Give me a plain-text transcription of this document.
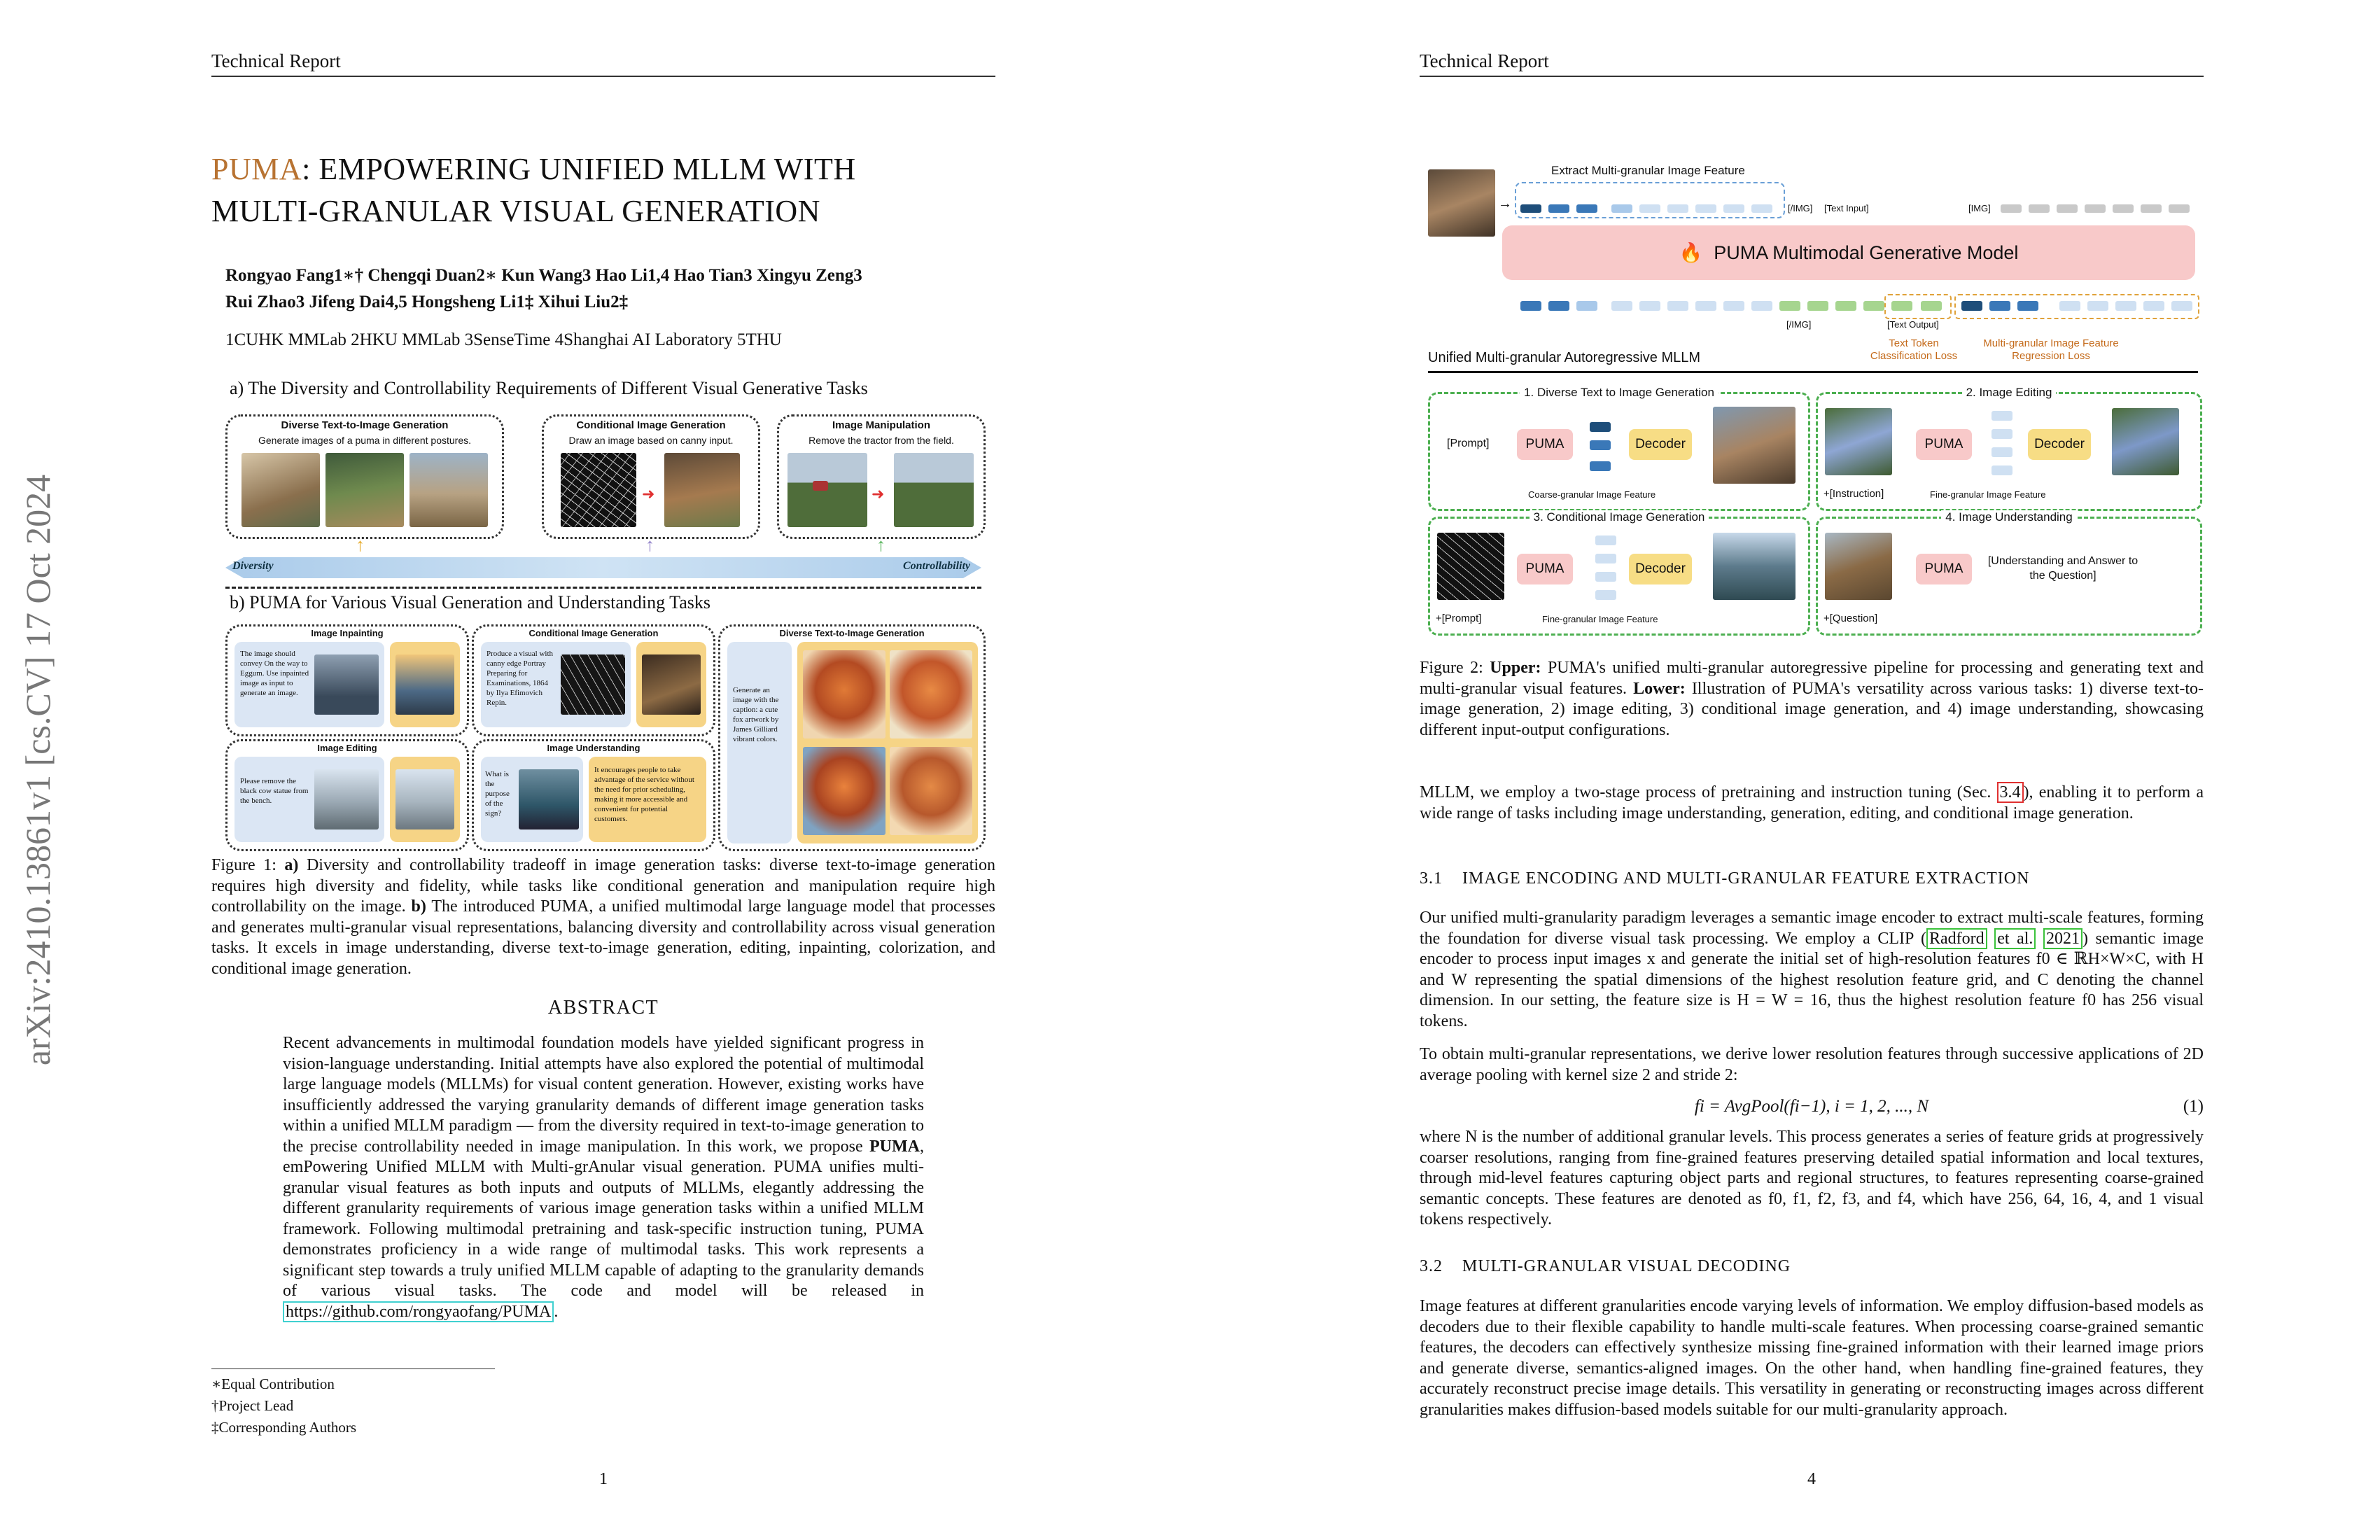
arXiv:2410.13861v1 [cs.CV] 17 Oct 2024
Technical Report
PUMA: EMPOWERING UNIFIED MLLM WITH
MULTI-GRANULAR VISUAL GENERATION
Rongyao Fang1∗† Chengqi Duan2∗ Kun Wang3 Hao Li1,4 Hao Tian3 Xingyu Zeng3
Rui Zhao3 Jifeng Dai4,5 Hongsheng Li1‡ Xihui Liu2‡
1CUHK MMLab 2HKU MMLab 3SenseTime 4Shanghai AI Laboratory 5THU
a) The Diversity and Controllability Requirements of Different Visual Generative Tasks
Diverse Text-to-Image Generation
Generate images of a puma in different postures.
Conditional Image Generation
Draw an image based on canny input.
➜
Image Manipulation
Remove the tractor from the field.
➜
↑	↑	↑
Diversity	Controllability
b) PUMA for Various Visual Generation and Understanding Tasks
Image Inpainting
The image should convey On the way to Eggum. Use inpainted image as input to generate an image.
Conditional Image Generation
Produce a visual with canny edge Portray Preparing for Examinations, 1864 by Ilya Efimovich Repin.
Diverse Text-to-Image Generation
Generate an image with the caption: a cute fox artwork by James Gilliard vibrant colors.
Image Editing
Please remove the black cow statue from the bench.
Image Understanding
What is the purpose of the sign?
It encourages people to take advantage of the service without the need for prior scheduling, making it more accessible and convenient for potential customers.
Figure 1: a) Diversity and controllability tradeoff in image generation tasks: diverse text-to-image generation requires high diversity and fidelity, while tasks like conditional generation and manipulation require high controllability on the image. b) The introduced PUMA, a unified multimodal large language model that processes and generates multi-granular visual representations, balancing diversity and controllability across visual generation tasks. It excels in image understanding, diverse text-to-image generation, editing, inpainting, colorization, and conditional image generation.
ABSTRACT
Recent advancements in multimodal foundation models have yielded significant progress in vision-language understanding. Initial attempts have also explored the potential of multimodal large language models (MLLMs) for visual content generation. However, existing works have insufficiently addressed the varying granularity demands of different image generation tasks within a unified MLLM paradigm — from the diversity required in text-to-image generation to the precise controllability needed in image manipulation. In this work, we propose PUMA, emPowering Unified MLLM with Multi-grAnular visual generation. PUMA unifies multi-granular visual features as both inputs and outputs of MLLMs, elegantly addressing the different granularity requirements of various image generation tasks within a unified MLLM framework. Following multimodal pretraining and task-specific instruction tuning, PUMA demonstrates proficiency in a wide range of multimodal tasks. This work represents a significant step towards a truly unified MLLM capable of adapting to the granularity demands of various visual tasks. The code and model will be released in https://github.com/rongyaofang/PUMA .
∗Equal Contribution
†Project Lead
‡Corresponding Authors
1
Technical Report
→
Extract Multi-granular Image Feature
[/IMG] [Text Input]	[IMG]
🔥 PUMA Multimodal Generative Model
[/IMG]	[Text Output]
Text Token Classification Loss
Multi-granular Image Feature Regression Loss
Unified Multi-granular Autoregressive MLLM
1. Diverse Text to Image Generation
[Prompt]	PUMA	Decoder
Coarse-granular Image Feature
2. Image Editing
+[Instruction]
PUMA	Decoder
Fine-granular Image Feature
3. Conditional Image Generation
+[Prompt]
PUMA	Decoder
Fine-granular Image Feature
4. Image Understanding
+[Question]
PUMA
[Understanding and Answer to the Question]
Figure 2: Upper: PUMA's unified multi-granular autoregressive pipeline for processing and generating text and multi-granular visual features. Lower: Illustration of PUMA's versatility across various tasks: 1) diverse text-to-image generation, 2) image editing, 3) conditional image generation, and 4) image understanding, showcasing different input-output configurations.
MLLM, we employ a two-stage process of pretraining and instruction tuning (Sec. 3.4 ), enabling it to perform a wide range of tasks including image understanding, generation, editing, and conditional image generation.
3.1 IMAGE ENCODING AND MULTI-GRANULAR FEATURE EXTRACTION
Our unified multi-granularity paradigm leverages a semantic image encoder to extract multi-scale features, forming the foundation for diverse visual task processing. We employ a CLIP ( Radford et al. 2021 ) semantic image encoder to process input images x and generate the initial set of high-resolution features f0 ∈ ℝH×W×C, with H and W representing the spatial dimensions of the highest resolution feature grid, and C denoting the channel dimension. In our setting, the feature size is H = W = 16, thus the highest resolution feature f0 has 256 visual tokens.
To obtain multi-granular representations, we derive lower resolution features through successive applications of 2D average pooling with kernel size 2 and stride 2:
fi = AvgPool(fi−1), i = 1, 2, ..., N	(1)
where N is the number of additional granular levels. This process generates a series of feature grids at progressively coarser resolutions, ranging from fine-grained features preserving detailed spatial information and local textures, through mid-level features capturing object parts and regional structures, to features representing coarse-grained semantic concepts. These features are denoted as f0, f1, f2, f3, and f4, which have 256, 64, 16, 4, and 1 visual tokens respectively.
3.2 MULTI-GRANULAR VISUAL DECODING
Image features at different granularities encode varying levels of information. We employ diffusion-based models as decoders due to their flexible capability to handle multi-scale features. When processing coarse-grained semantic features, the decoders can effectively synthesize missing fine-grained information with their learned image priors and generate diverse, semantics-aligned images. On the other hand, when handling fine-grained features, they accurately reconstruct precise image details. This versatility in generating or reconstructing images across different granularities makes diffusion-based models suitable for our multi-granularity approach.
4
